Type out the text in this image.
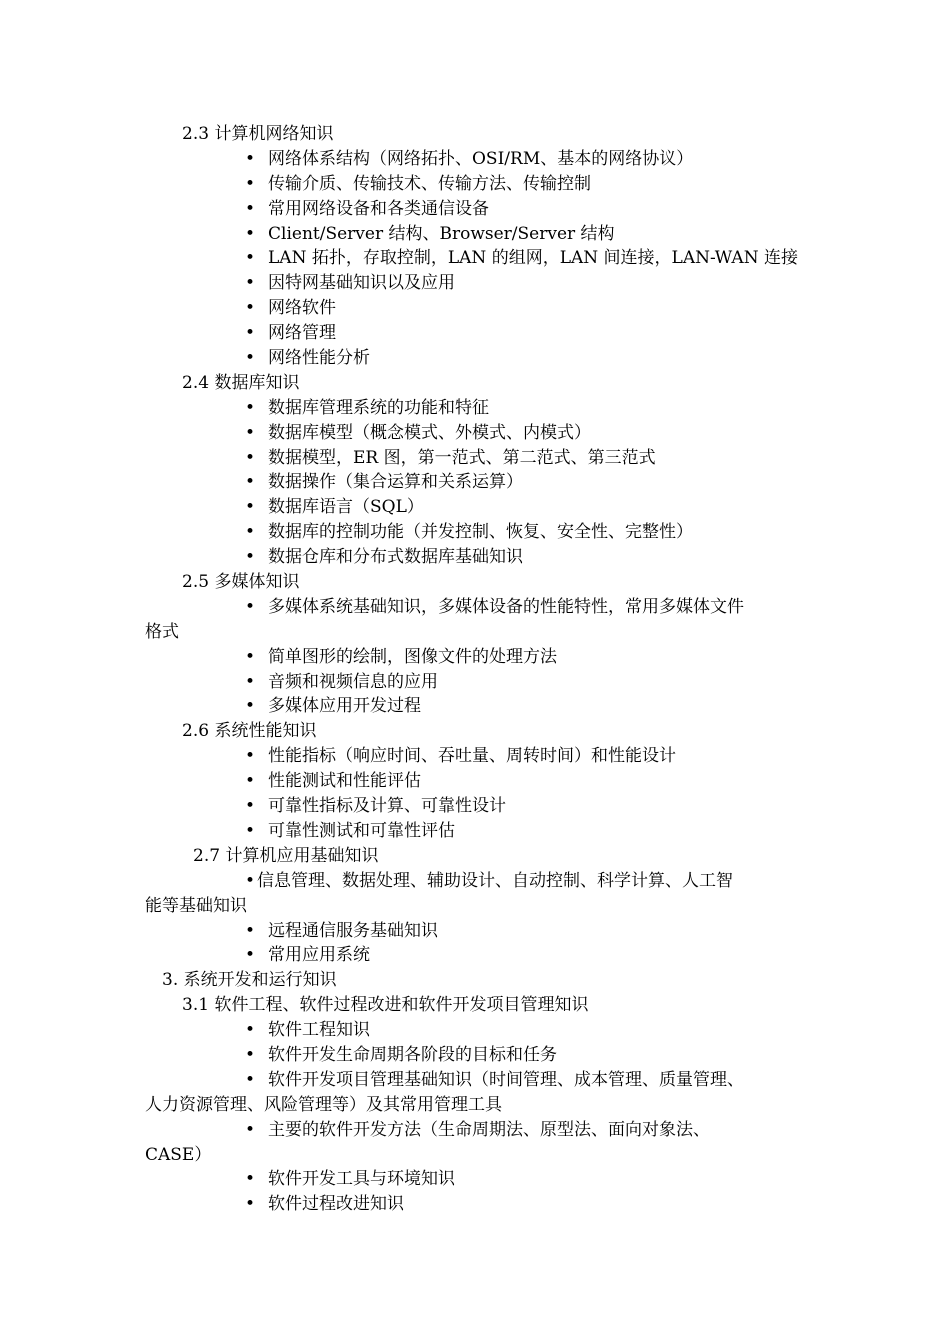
2.3 计算机网络知识
• 网络体系结构（网络拓扑、OSI/RM、基本的网络协议）
• 传输介质、传输技术、传输方法、传输控制
• 常用网络设备和各类通信设备
• Client/Server 结构、Browser/Server 结构
• LAN 拓扑，存取控制，LAN 的组网，LAN 间连接，LAN-WAN 连接
• 因特网基础知识以及应用
• 网络软件
• 网络管理
• 网络性能分析
2.4 数据库知识
• 数据库管理系统的功能和特征
• 数据库模型（概念模式、外模式、内模式）
• 数据模型，ER 图，第一范式、第二范式、第三范式
• 数据操作（集合运算和关系运算）
• 数据库语言（SQL）
• 数据库的控制功能（并发控制、恢复、安全性、完整性）
• 数据仓库和分布式数据库基础知识
2.5 多媒体知识
• 多媒体系统基础知识，多媒体设备的性能特性，常用多媒体文件
格式
• 简单图形的绘制，图像文件的处理方法
• 音频和视频信息的应用
• 多媒体应用开发过程
2.6 系统性能知识
• 性能指标（响应时间、吞吐量、周转时间）和性能设计
• 性能测试和性能评估
• 可靠性指标及计算、可靠性设计
• 可靠性测试和可靠性评估
2.7 计算机应用基础知识
• 信息管理、数据处理、辅助设计、自动控制、科学计算、人工智
能等基础知识
• 远程通信服务基础知识
• 常用应用系统
3. 系统开发和运行知识
3.1 软件工程、软件过程改进和软件开发项目管理知识
• 软件工程知识
• 软件开发生命周期各阶段的目标和任务
• 软件开发项目管理基础知识（时间管理、成本管理、质量管理、
人力资源管理、风险管理等）及其常用管理工具
• 主要的软件开发方法（生命周期法、原型法、面向对象法、
CASE）
• 软件开发工具与环境知识
• 软件过程改进知识
